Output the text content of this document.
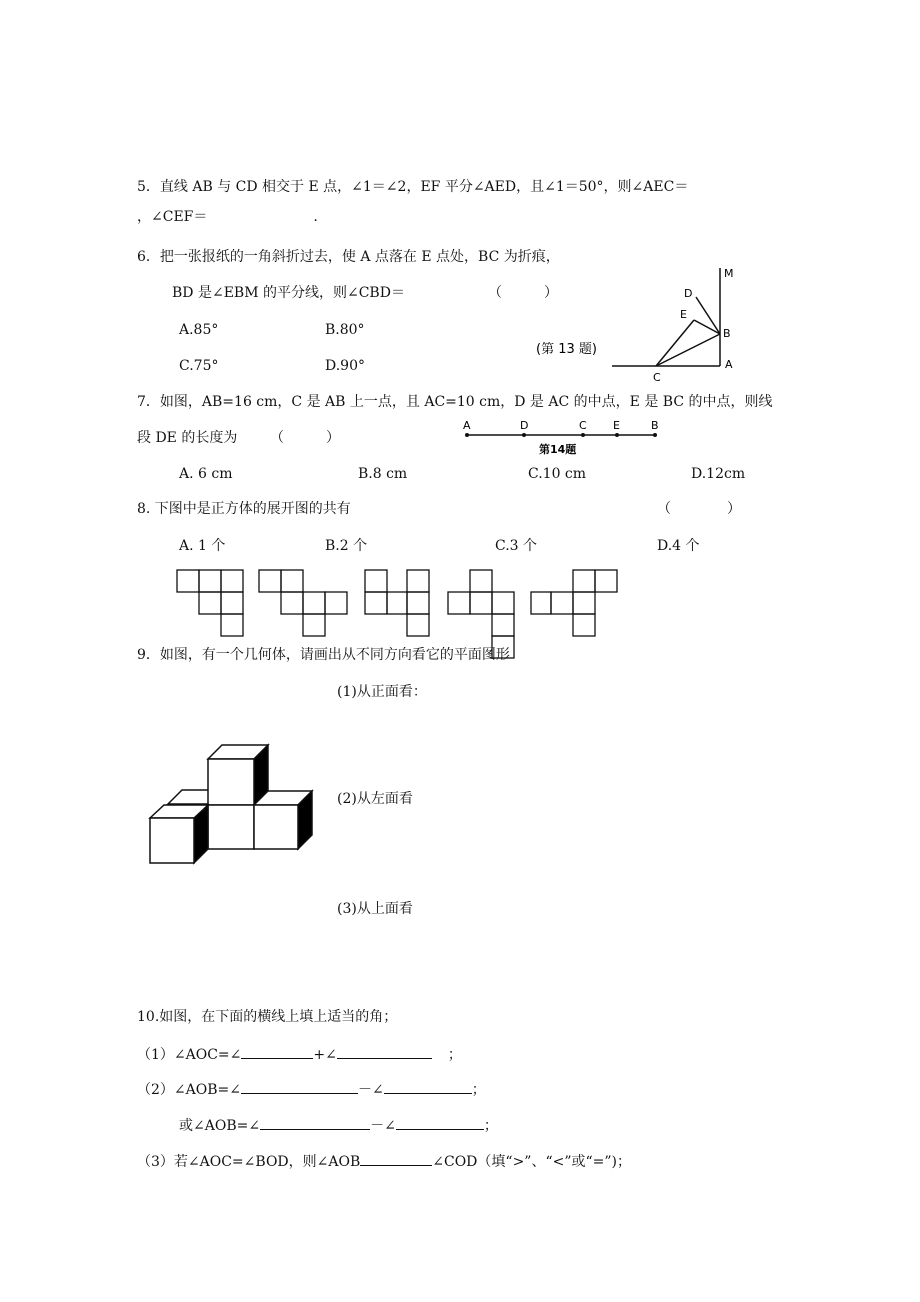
5．直线 AB 与 CD 相交于 E 点，∠1＝∠2，EF 平分∠AED，且∠1＝50°，则∠AEC＝
，∠CEF＝	.
6．把一张报纸的一角斜折过去，使 A 点落在 E 点处，BC 为折痕，
BD 是∠EBM 的平分线，则∠CBD＝	（　　　）
A.85°	B.80°
C.75°	D.90°
M
D
E
B
A
C
(第 13 题)
7．如图，AB=16 cm，C 是 AB 上一点，且 AC=10 cm，D 是 AC 的中点，E 是 BC 的中点，则线
段 DE 的长度为 （　　　）
A	D	C E	B
第14题
A. 6 cm	B.8 cm	C.10 cm	D.12cm
8. 下图中是正方体的展开图的共有	（　　　　）
A. 1 个	B.2 个	C.3 个	D.4 个
9．如图，有一个几何体，请画出从不同方向看它的平面图形
(1)从正面看：
(2)从左面看
(3)从上面看
10.如图，在下面的横线上填上适当的角；
（1）∠AOC=∠	+∠	；
（2）∠AOB=∠	－∠	；
或∠AOB=∠	－∠	；
（3）若∠AOC=∠BOD，则∠AOB	∠COD（填“>”、“<”或“=”)；
